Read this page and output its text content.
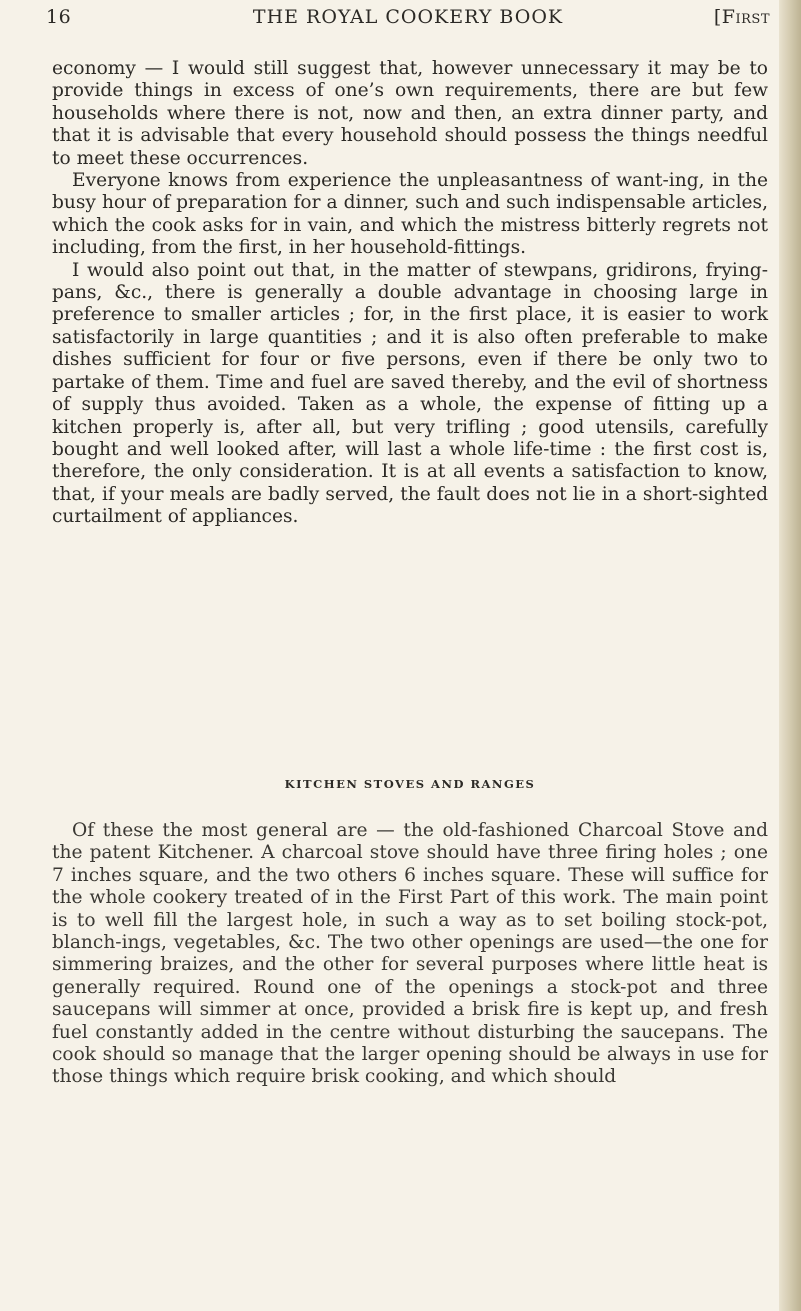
16	THE ROYAL COOKERY BOOK	[First

economy — I would still suggest that, however unnecessary it may be to provide things in excess of one’s own requirements, there are but few households where there is not, now and then, an extra dinner party, and that it is advisable that every household should possess the things needful to meet these occurrences.

Everyone knows from experience the unpleasantness of want-ing, in the busy hour of preparation for a dinner, such and such indispensable articles, which the cook asks for in vain, and which the mistress bitterly regrets not including, from the first, in her household-fittings.

I would also point out that, in the matter of stewpans, gridirons, frying-pans, &c., there is generally a double advantage in choosing large in preference to smaller articles ; for, in the first place, it is easier to work satisfactorily in large quantities ; and it is also often preferable to make dishes sufficient for four or five persons, even if there be only two to partake of them. Time and fuel are saved thereby, and the evil of shortness of supply thus avoided. Taken as a whole, the expense of fitting up a kitchen properly is, after all, but very trifling ; good utensils, carefully bought and well looked after, will last a whole life-time : the first cost is, therefore, the only consideration. It is at all events a satisfaction to know, that, if your meals are badly served, the fault does not lie in a short-sighted curtailment of appliances.

KITCHEN STOVES AND RANGES

Of these the most general are — the old-fashioned Charcoal Stove and the patent Kitchener. A charcoal stove should have three firing holes ; one 7 inches square, and the two others 6 inches square. These will suffice for the whole cookery treated of in the First Part of this work. The main point is to well fill the largest hole, in such a way as to set boiling stock-pot, blanch-ings, vegetables, &c. The two other openings are used—the one for simmering braizes, and the other for several purposes where little heat is generally required. Round one of the openings a stock-pot and three saucepans will simmer at once, provided a brisk fire is kept up, and fresh fuel constantly added in the centre without disturbing the saucepans. The cook should so manage that the larger opening should be always in use for those things which require brisk cooking, and which should
